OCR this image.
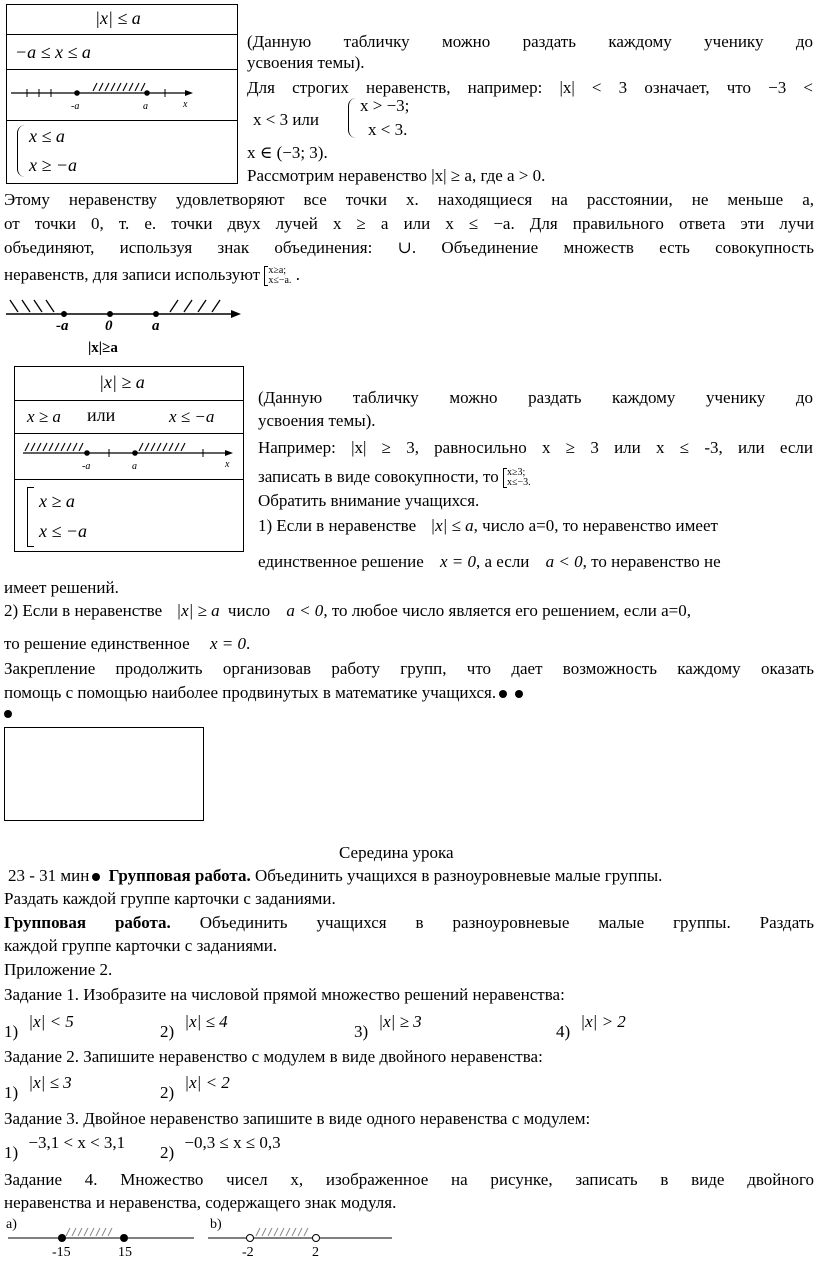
|x| ≤ a
−a ≤ x ≤ a
-a	a	x
x ≤ a
x ≥ −a
(Данную табличку можно раздать каждому ученику до
усвоения темы).
Для строгих неравенств, например: |x| < 3 означает, что −3 <
x < 3 или
x > −3;
x < 3.
x ∈ (−3; 3).
Рассмотрим неравенство |x| ≥ a, где a > 0.
Этому неравенству удовлетворяют все точки x. находящиеся на расстоянии, не меньше a,
от точки 0, т. е. точки двух лучей x ≥ a или x ≤ −a. Для правильного ответа эти лучи
объединяют, используя знак объединения: ∪. Объединение множеств есть совокупность
неравенств, для записи используют x≥a;
x≤−a. .
-a 0	a
|x|≥a
|x| ≥ a
x ≥ a или	x ≤ −a
-a	a	x
x ≥ a
x ≤ −a
(Данную табличку можно раздать каждому ученику до
усвоения темы).
Например: |x| ≥ 3, равносильно x ≥ 3 или x ≤ -3, или если
записать в виде совокупности, то x≥3;
x≤−3.
Обратить внимание учащихся.
1) Если в неравенстве |x| ≤ a, число a=0, то неравенство имеет
единственное решение x = 0, а если a < 0, то неравенство не
имеет решений.
2) Если в неравенстве |x| ≥ a число a < 0, то любое число является его решением, если a=0,
то решение единственное x = 0.
Закрепление продолжить организовав работу групп, что дает возможность каждому оказать
помощь с помощью наиболее продвинутых в математике учащихся.
Середина урока
23 - 31 мин Групповая работа. Объединить учащихся в разноуровневые малые группы.
Раздать каждой группе карточки с заданиями.
Групповая работа. Объединить учащихся в разноуровневые малые группы. Раздать
каждой группе карточки с заданиями.
Приложение 2.
Задание 1. Изобразите на числовой прямой множество решений неравенства:
1) |x| < 5
2) |x| ≤ 4
3) |x| ≥ 3
4) |x| > 2
Задание 2. Запишите неравенство с модулем в виде двойного неравенства:
1) |x| ≤ 3
2) |x| < 2
Задание 3. Двойное неравенство запишите в виде одного неравенства с модулем:
1) −3,1 < x < 3,1
2) −0,3 ≤ x ≤ 0,3
Задание 4. Множество чисел x, изображенное на рисунке, записать в виде двойного
неравенства и неравенства, содержащего знак модуля.
a)
-15	15
b)
-2	2
